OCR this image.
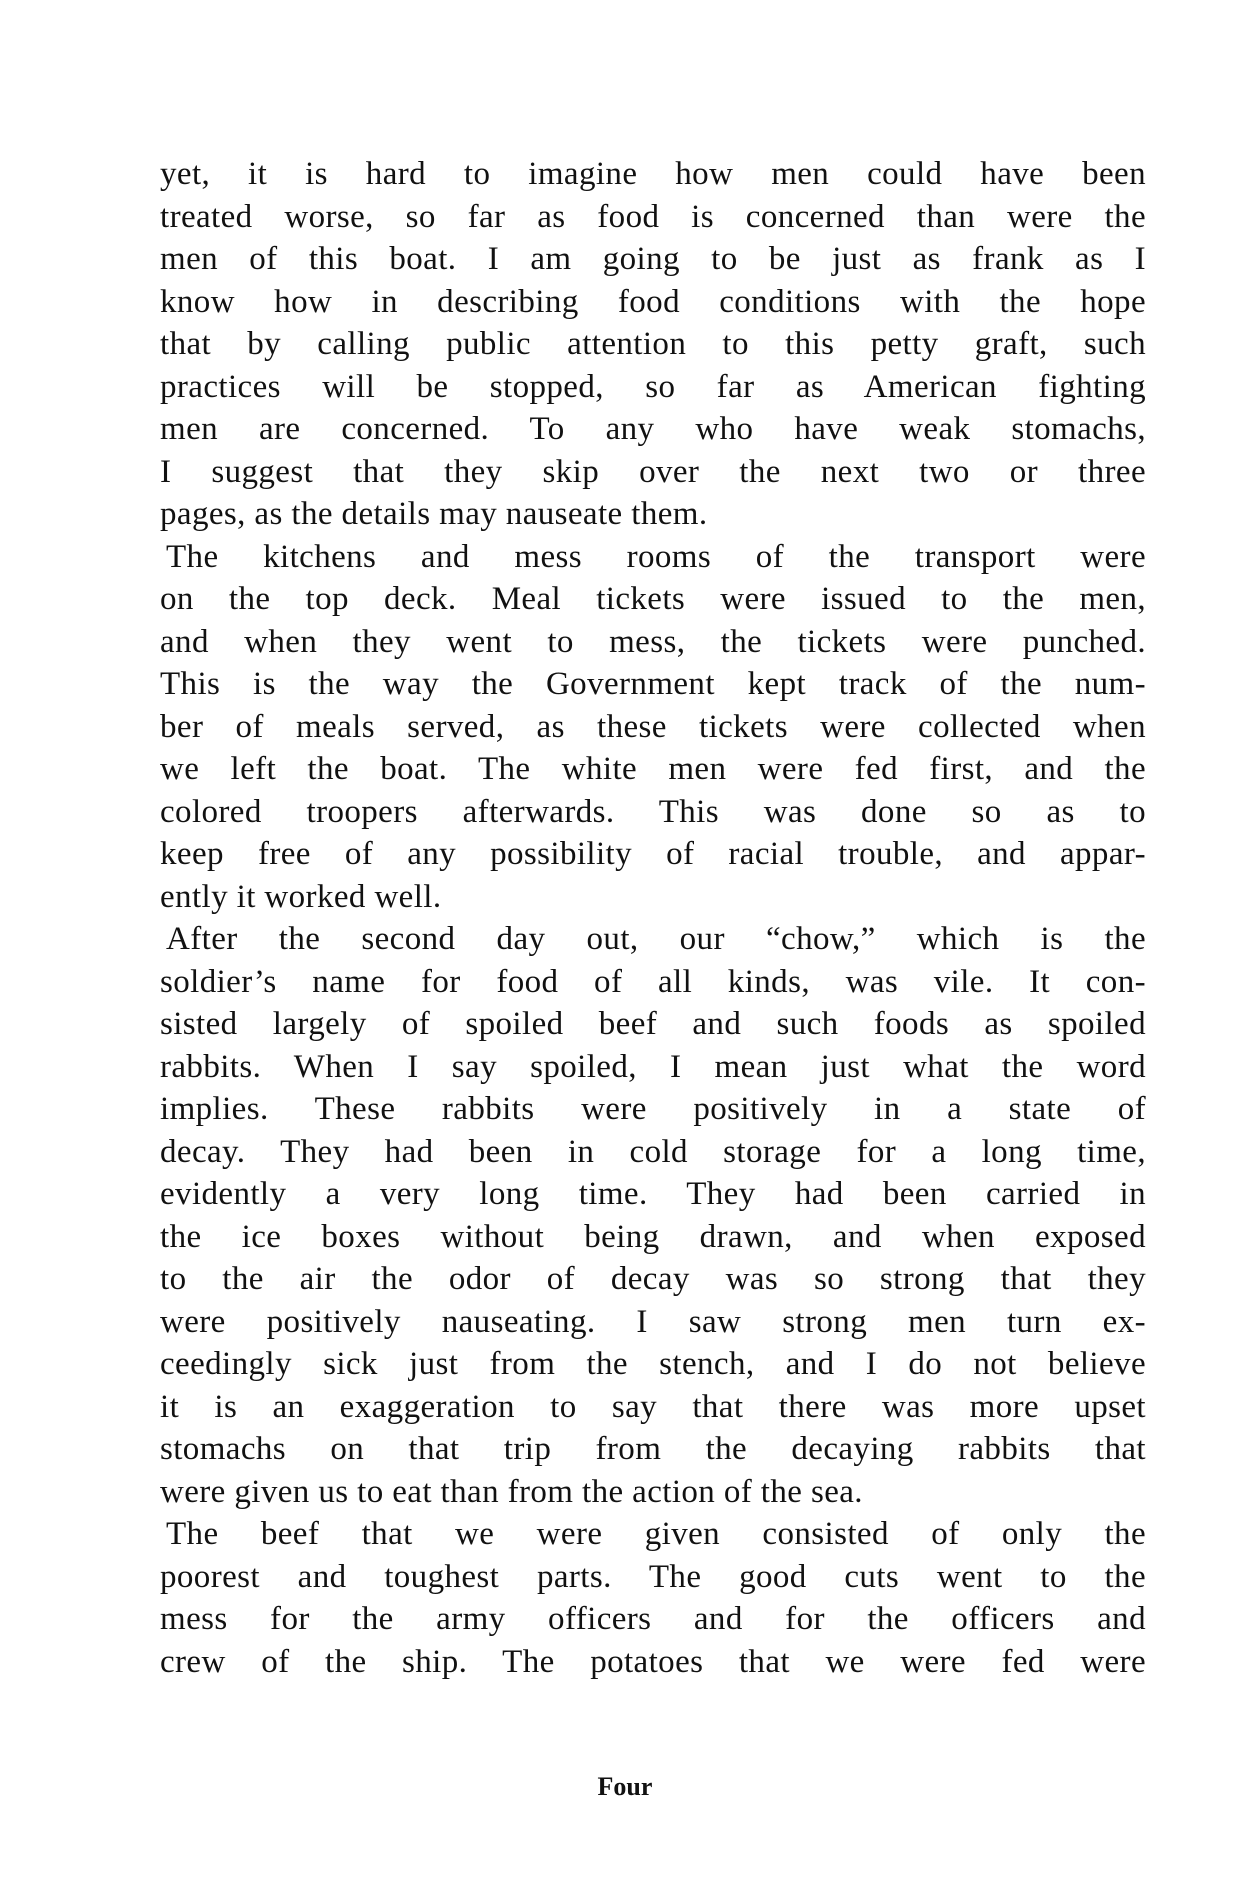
yet, it is hard to imagine how men could have been
treated worse, so far as food is concerned than were the
men of this boat. I am going to be just as frank as I
know how in describing food conditions with the hope
that by calling public attention to this petty graft, such
practices will be stopped, so far as American fighting
men are concerned. To any who have weak stomachs,
I suggest that they skip over the next two or three
pages, as the details may nauseate them.
The kitchens and mess rooms of the transport were
on the top deck. Meal tickets were issued to the men,
and when they went to mess, the tickets were punched.
This is the way the Government kept track of the num-
ber of meals served, as these tickets were collected when
we left the boat. The white men were fed first, and the
colored troopers afterwards. This was done so as to
keep free of any possibility of racial trouble, and appar-
ently it worked well.
After the second day out, our “chow,” which is the
soldier’s name for food of all kinds, was vile. It con-
sisted largely of spoiled beef and such foods as spoiled
rabbits. When I say spoiled, I mean just what the word
implies. These rabbits were positively in a state of
decay. They had been in cold storage for a long time,
evidently a very long time. They had been carried in
the ice boxes without being drawn, and when exposed
to the air the odor of decay was so strong that they
were positively nauseating. I saw strong men turn ex-
ceedingly sick just from the stench, and I do not believe
it is an exaggeration to say that there was more upset
stomachs on that trip from the decaying rabbits that
were given us to eat than from the action of the sea.
The beef that we were given consisted of only the
poorest and toughest parts. The good cuts went to the
mess for the army officers and for the officers and
crew of the ship. The potatoes that we were fed were
Four
